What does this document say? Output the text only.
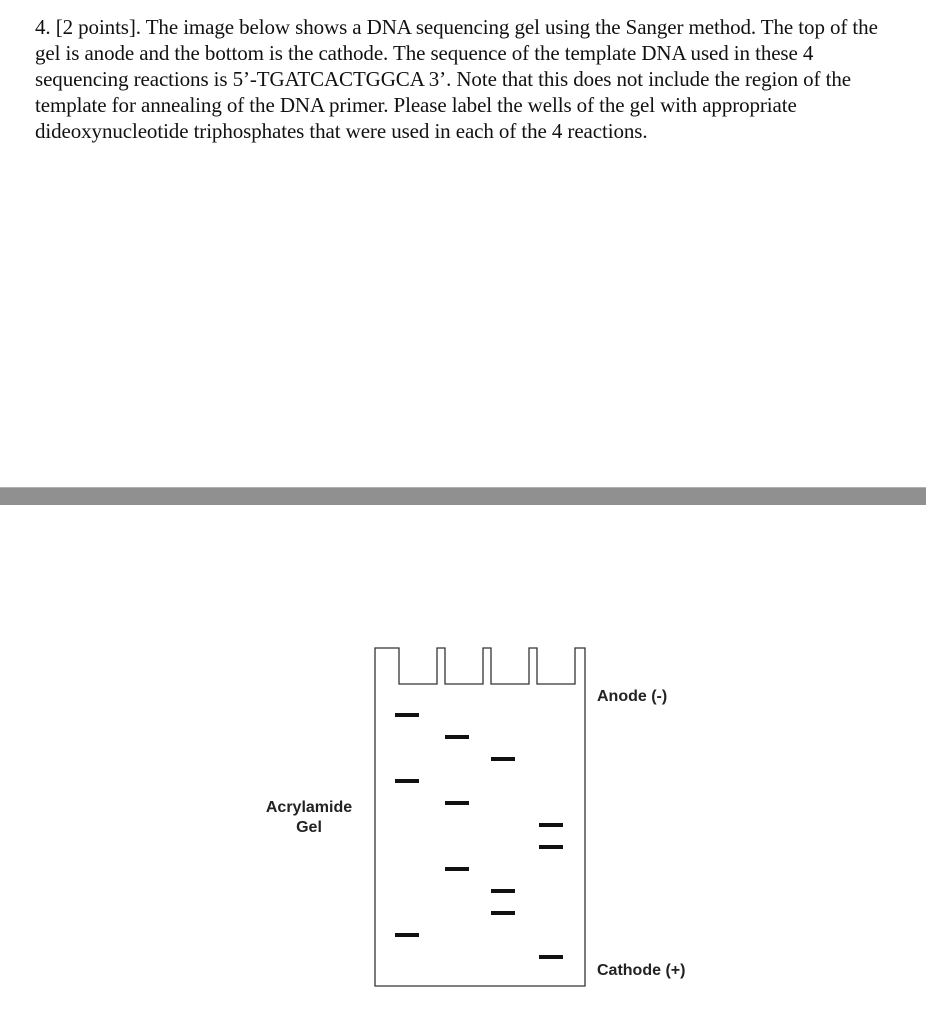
4. [2 points]. The image below shows a DNA sequencing gel using the Sanger method. The top of the gel is anode and the bottom is the cathode. The sequence of the template DNA used in these 4 sequencing reactions is 5’-TGATCACTGGCA 3’. Note that this does not include the region of the template for annealing of the DNA primer. Please label the wells of the gel with appropriate dideoxynucleotide triphosphates that were used in each of the 4 reactions.

Anode (-)
Cathode (+)
Acrylamide
Gel
